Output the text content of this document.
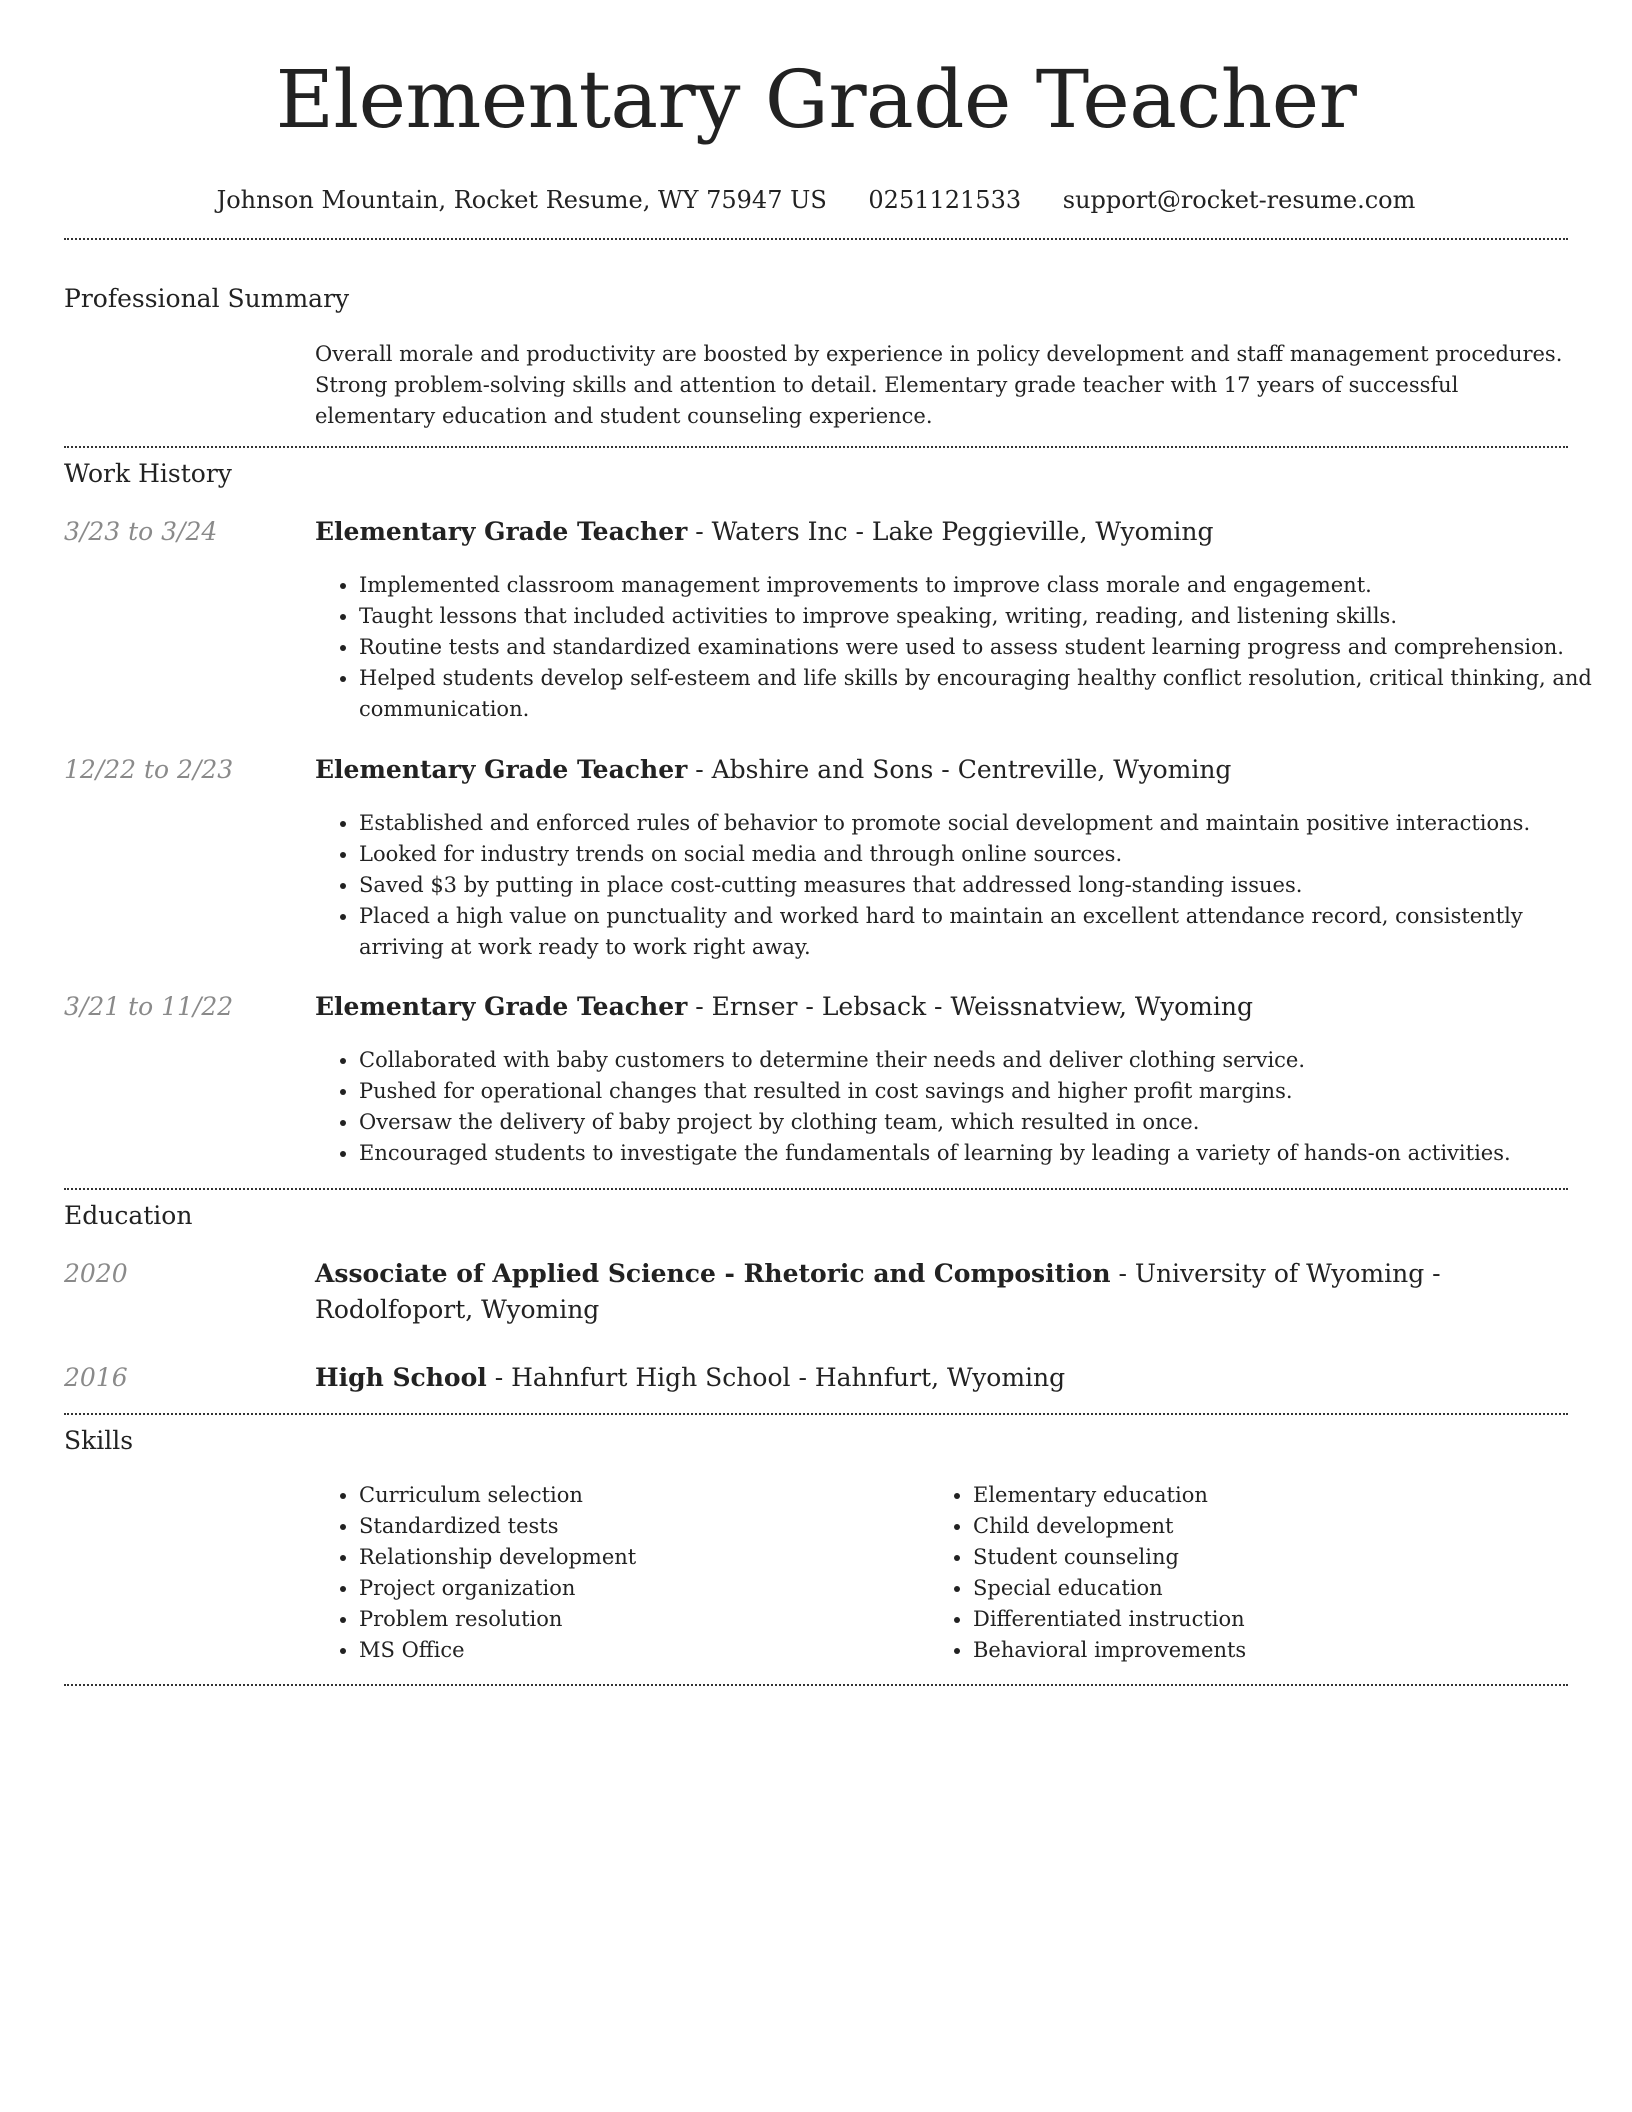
Elementary Grade Teacher
Johnson Mountain, Rocket Resume, WY 75947 US 0251121533 support@rocket-resume.com
Professional Summary

Overall morale and productivity are boosted by experience in policy development and staff management procedures. Strong problem-solving skills and attention to detail. Elementary grade teacher with 17 years of successful elementary education and student counseling experience.

Work History
3/23 to 3/24	Elementary Grade Teacher - Waters Inc - Lake Peggieville, Wyoming
• Implemented classroom management improvements to improve class morale and engagement.
• Taught lessons that included activities to improve speaking, writing, reading, and listening skills.
• Routine tests and standardized examinations were used to assess student learning progress and comprehension.
• Helped students develop self-esteem and life skills by encouraging healthy conflict resolution, critical thinking, and communication.
12/22 to 2/23	Elementary Grade Teacher - Abshire and Sons - Centreville, Wyoming
• Established and enforced rules of behavior to promote social development and maintain positive interactions.
• Looked for industry trends on social media and through online sources.
• Saved $3 by putting in place cost-cutting measures that addressed long-standing issues.
• Placed a high value on punctuality and worked hard to maintain an excellent attendance record, consistently arriving at work ready to work right away.
3/21 to 11/22	Elementary Grade Teacher - Ernser - Lebsack - Weissnatview, Wyoming
• Collaborated with baby customers to determine their needs and deliver clothing service.
• Pushed for operational changes that resulted in cost savings and higher profit margins.
• Oversaw the delivery of baby project by clothing team, which resulted in once.
• Encouraged students to investigate the fundamentals of learning by leading a variety of hands-on activities.
Education
2020	Associate of Applied Science - Rhetoric and Composition - University of Wyoming - Rodolfoport, Wyoming
2016	High School - Hahnfurt High School - Hahnfurt, Wyoming
Skills
• Curriculum selection
• Standardized tests
• Relationship development
• Project organization
• Problem resolution
• MS Office
• Elementary education
• Child development
• Student counseling
• Special education
• Differentiated instruction
• Behavioral improvements
